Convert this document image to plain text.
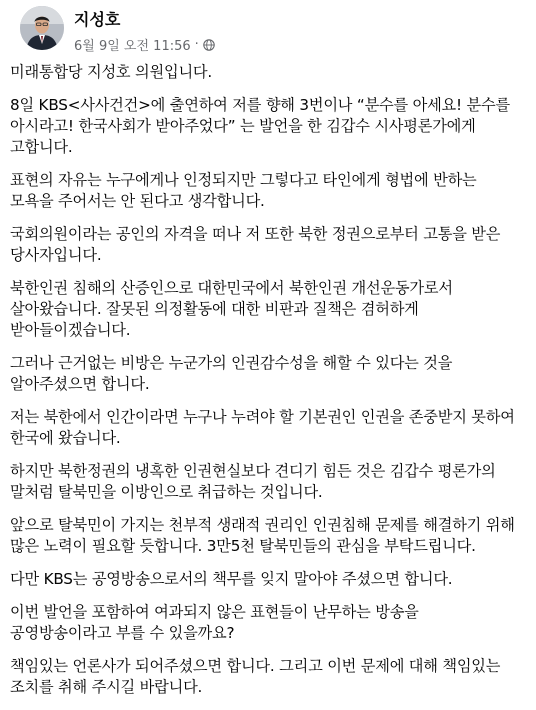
지성호
6월 9일 오전 11:56 ·

미래통합당 지성호 의원입니다.

8일 KBS<사사건건>에 출연하여 저를 향해 3번이나 “분수를 아세요! 분수를 아시라고! 한국사회가 받아주었다” 는 발언을 한 김갑수 시사평론가에게 고합니다.

표현의 자유는 누구에게나 인정되지만 그렇다고 타인에게 형법에 반하는 모욕을 주어서는 안 된다고 생각합니다.

국회의원이라는 공인의 자격을 떠나 저 또한 북한 정권으로부터 고통을 받은 당사자입니다.

북한인권 침해의 산증인으로 대한민국에서 북한인권 개선운동가로서 살아왔습니다. 잘못된 의정활동에 대한 비판과 질책은 겸허하게 받아들이겠습니다.

그러나 근거없는 비방은 누군가의 인권감수성을 해할 수 있다는 것을 알아주셨으면 합니다.

저는 북한에서 인간이라면 누구나 누려야 할 기본권인 인권을 존중받지 못하여 한국에 왔습니다.

하지만 북한정권의 냉혹한 인권현실보다 견디기 힘든 것은 김갑수 평론가의 말처럼 탈북민을 이방인으로 취급하는 것입니다.

앞으로 탈북민이 가지는 천부적 생래적 권리인 인권침해 문제를 해결하기 위해 많은 노력이 필요할 듯합니다. 3만5천 탈북민들의 관심을 부탁드립니다.

다만 KBS는 공영방송으로서의 책무를 잊지 말아야 주셨으면 합니다.

이번 발언을 포함하여 여과되지 않은 표현들이 난무하는 방송을 공영방송이라고 부를 수 있을까요?

책임있는 언론사가 되어주셨으면 합니다. 그리고 이번 문제에 대해 책임있는 조치를 취해 주시길 바랍니다.
